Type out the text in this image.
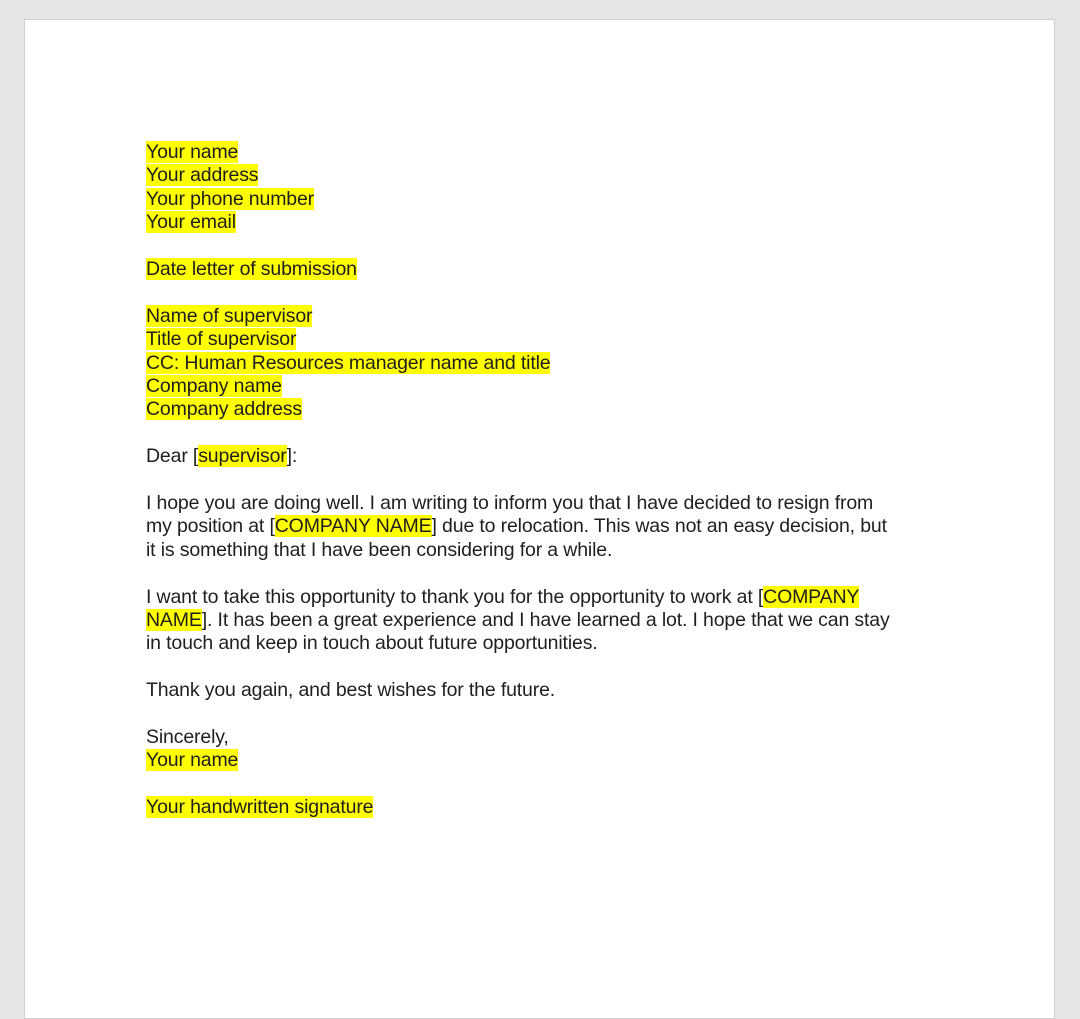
Your name
Your address
Your phone number
Your email
Date letter of submission
Name of supervisor
Title of supervisor
CC: Human Resources manager name and title
Company name
Company address
Dear [supervisor]:
I hope you are doing well. I am writing to inform you that I have decided to resign from
my position at [COMPANY NAME] due to relocation. This was not an easy decision, but
it is something that I have been considering for a while.
I want to take this opportunity to thank you for the opportunity to work at [COMPANY
NAME]. It has been a great experience and I have learned a lot. I hope that we can stay
in touch and keep in touch about future opportunities.
Thank you again, and best wishes for the future.
Sincerely,
Your name
Your handwritten signature
